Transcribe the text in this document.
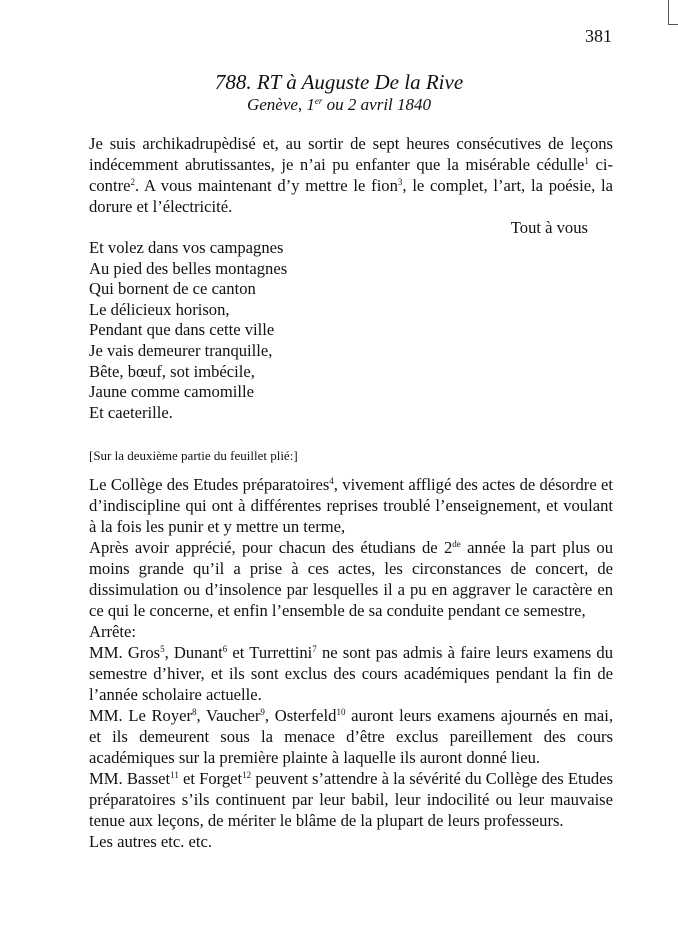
381
788. RT à Auguste De la Rive
Genève, 1er ou 2 avril 1840

Je suis archikadrupèdisé et, au sortir de sept heures consécutives de leçons indécemment abrutissantes, je n’ai pu enfanter que la misérable cédulle$^1$ ci-contre$^2$. A vous maintenant d’y mettre le fion$^3$, le complet, l’art, la poésie, la dorure et l’électricité.

Tout à vous

Et volez dans vos campagnes
Au pied des belles montagnes
Qui bornent de ce canton
Le délicieux horison,
Pendant que dans cette ville
Je vais demeurer tranquille,
Bête, bœuf, sot imbécile,
Jaune comme camomille
Et caeterille.

[Sur la deuxième partie du feuillet plié:]

Le Collège des Etudes préparatoires$^4$, vivement affligé des actes de désordre et d’indiscipline qui ont à différentes reprises troublé l’enseignement, et voulant à la fois les punir et y mettre un terme,

Après avoir apprécié, pour chacun des étudians de 2de année la part plus ou moins grande qu’il a prise à ces actes, les circonstances de concert, de dissimulation ou d’insolence par lesquelles il a pu en aggraver le caractère en ce qui le concerne, et enfin l’ensemble de sa conduite pendant ce semestre,

Arrête:

MM. Gros$^5$, Dunant$^6$ et Turrettini$^7$ ne sont pas admis à faire leurs examens du semestre d’hiver, et ils sont exclus des cours académiques pendant la fin de l’année scholaire actuelle.

MM. Le Royer$^8$, Vaucher$^9$, Osterfeld$^{10}$ auront leurs examens ajournés en mai, et ils demeurent sous la menace d’être exclus pareillement des cours académiques sur la première plainte à laquelle ils auront donné lieu.

MM. Basset$^{11}$ et Forget$^{12}$ peuvent s’attendre à la sévérité du Collège des Etudes préparatoires s’ils continuent par leur babil, leur indocilité ou leur mauvaise tenue aux leçons, de mériter le blâme de la plupart de leurs professeurs.

Les autres etc. etc.
